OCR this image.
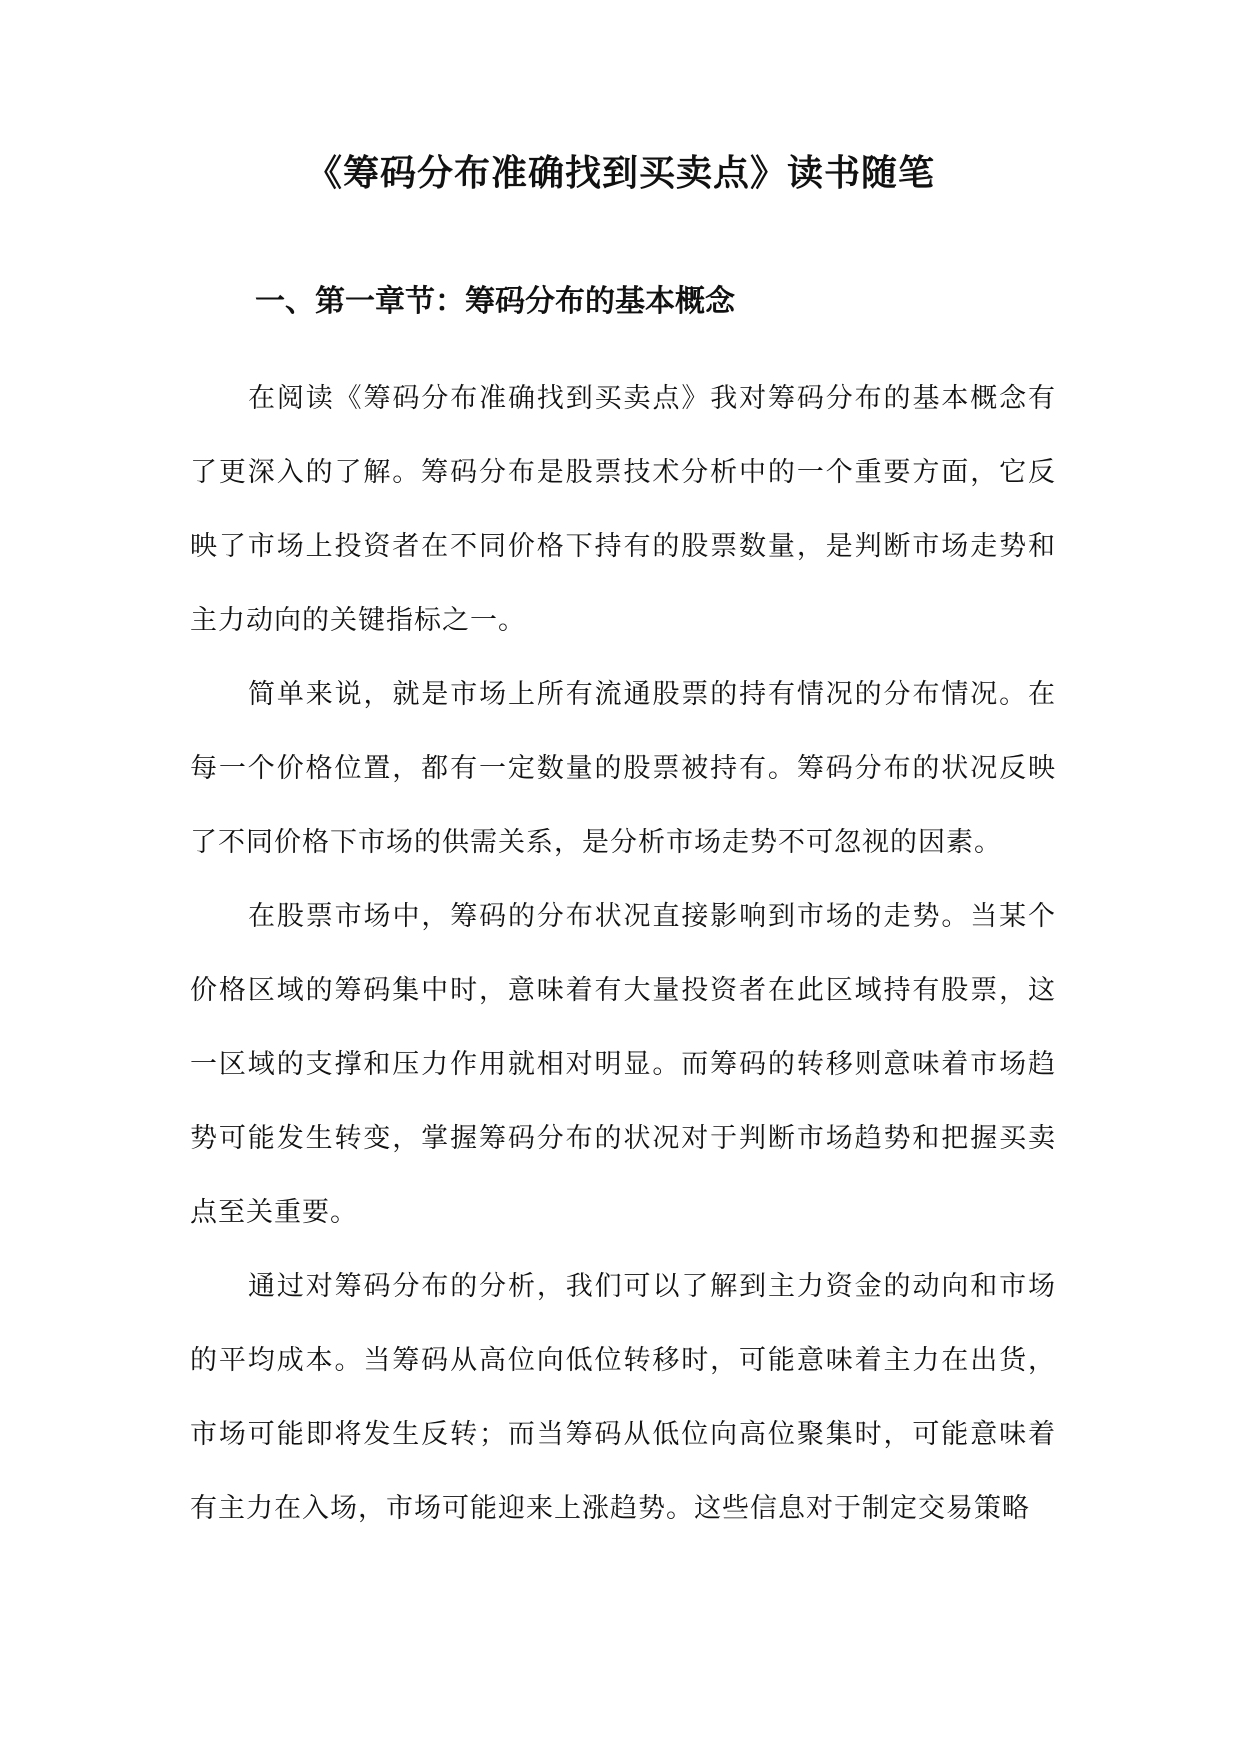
《筹码分布准确找到买卖点》读书随笔
一、第一章节：筹码分布的基本概念

在阅读《筹码分布准确找到买卖点》我对筹码分布的基本概念有了更深入的了解。筹码分布是股票技术分析中的一个重要方面，它反映了市场上投资者在不同价格下持有的股票数量，是判断市场走势和主力动向的关键指标之一。

简单来说，就是市场上所有流通股票的持有情况的分布情况。在每一个价格位置，都有一定数量的股票被持有。筹码分布的状况反映了不同价格下市场的供需关系，是分析市场走势不可忽视的因素。

在股票市场中，筹码的分布状况直接影响到市场的走势。当某个价格区域的筹码集中时，意味着有大量投资者在此区域持有股票，这一区域的支撑和压力作用就相对明显。而筹码的转移则意味着市场趋势可能发生转变，掌握筹码分布的状况对于判断市场趋势和把握买卖点至关重要。

通过对筹码分布的分析，我们可以了解到主力资金的动向和市场的平均成本。当筹码从高位向低位转移时，可能意味着主力在出货，市场可能即将发生反转；而当筹码从低位向高位聚集时，可能意味着有主力在入场，市场可能迎来上涨趋势。这些信息对于制定交易策略
